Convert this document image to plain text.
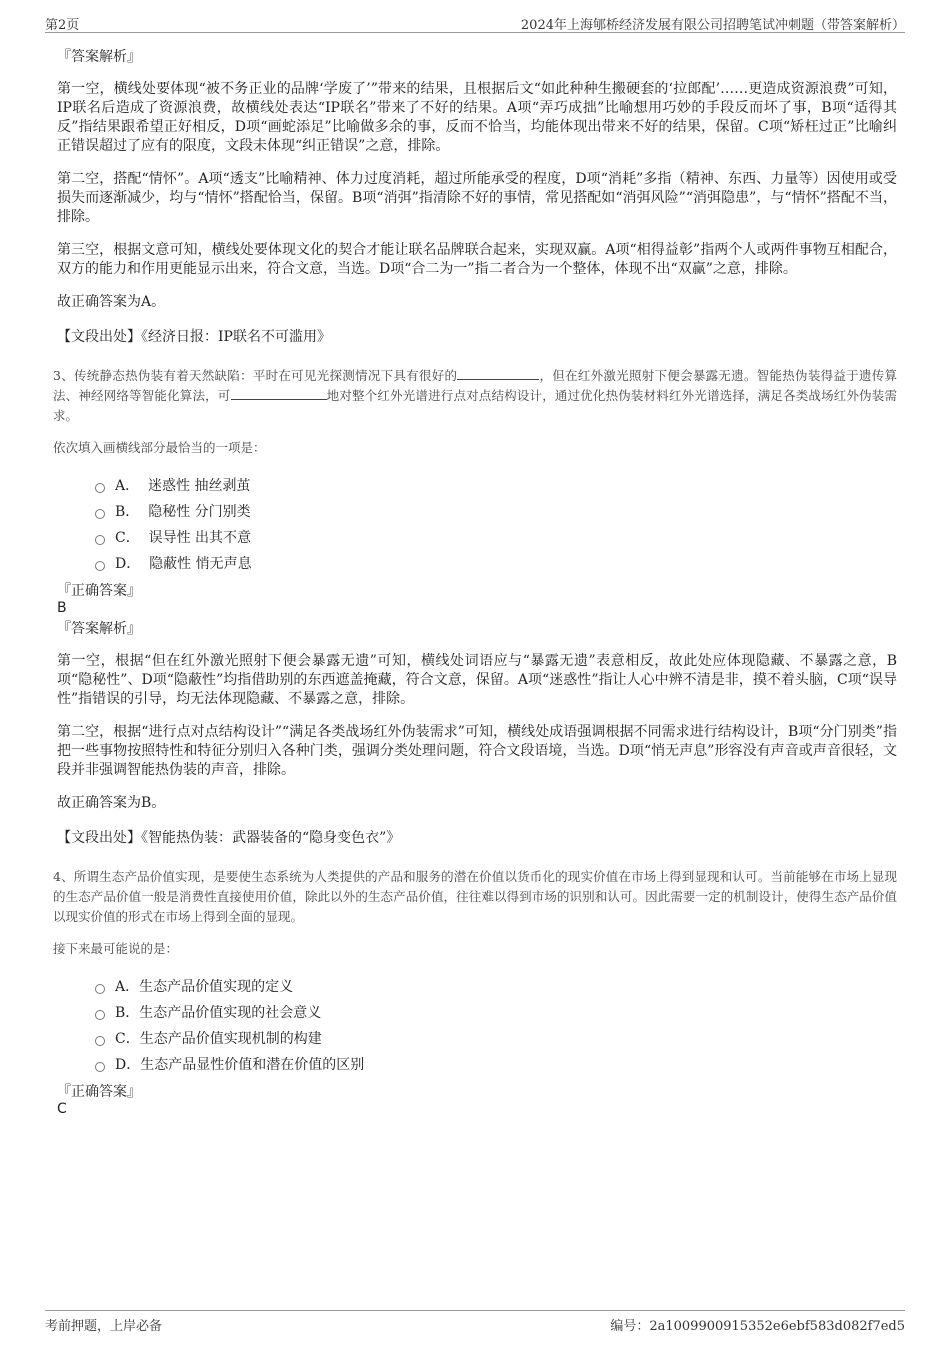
第2页	2024年上海郇桥经济发展有限公司招聘笔试冲刺题（带答案解析）
『答案解析』

第一空，横线处要体现“被不务正业的品牌‘学废了’”带来的结果，且根据后文“如此种种生搬硬套的‘拉郎配’……更造成资源浪费”可知，IP联名后造成了资源浪费，故横线处表达“IP联名”带来了不好的结果。A项“弄巧成拙”比喻想用巧妙的手段反而坏了事，B项“适得其反”指结果跟希望正好相反，D项“画蛇添足”比喻做多余的事，反而不恰当，均能体现出带来不好的结果，保留。C项“矫枉过正”比喻纠正错误超过了应有的限度，文段未体现“纠正错误”之意，排除。

第二空，搭配“情怀”。A项“透支”比喻精神、体力过度消耗，超过所能承受的程度，D项“消耗”多指（精神、东西、力量等）因使用或受损失而逐渐减少，均与“情怀”搭配恰当，保留。B项“消弭”指清除不好的事情，常见搭配如“消弭风险”“消弭隐患”，与“情怀”搭配不当，排除。

第三空，根据文意可知，横线处要体现文化的契合才能让联名品牌联合起来，实现双赢。A项“相得益彰”指两个人或两件事物互相配合，双方的能力和作用更能显示出来，符合文意，当选。D项“合二为一”指二者合为一个整体，体现不出“双赢”之意，排除。

故正确答案为A。

【文段出处】《经济日报：IP联名不可滥用》
3、传统静态热伪装有着天然缺陷：平时在可见光探测情况下具有很好的	，但在红外激光照射下便会暴露无遗。智能热伪装得益于遗传算法、神经网络等智能化算法，可	地对整个红外光谱进行点对点结构设计，通过优化热伪装材料红外光谱选择，满足各类战场红外伪装需求。
依次填入画横线部分最恰当的一项是：
A．  迷惑性 抽丝剥茧
B．  隐秘性 分门别类
C．  误导性 出其不意
D．  隐蔽性 悄无声息
『正确答案』
B
『答案解析』

第一空，根据“但在红外激光照射下便会暴露无遗”可知，横线处词语应与“暴露无遗”表意相反，故此处应体现隐藏、不暴露之意，B项“隐秘性”、D项“隐蔽性”均指借助别的东西遮盖掩藏，符合文意，保留。A项“迷惑性”指让人心中辨不清是非，摸不着头脑，C项“误导性”指错误的引导，均无法体现隐藏、不暴露之意，排除。

第二空，根据“进行点对点结构设计”“满足各类战场红外伪装需求”可知，横线处成语强调根据不同需求进行结构设计，B项“分门别类”指把一些事物按照特性和特征分别归入各种门类，强调分类处理问题，符合文段语境，当选。D项“悄无声息”形容没有声音或声音很轻，文段并非强调智能热伪装的声音，排除。

故正确答案为B。

【文段出处】《智能热伪装：武器装备的“隐身变色衣”》
4、所谓生态产品价值实现，是要使生态系统为人类提供的产品和服务的潜在价值以货币化的现实价值在市场上得到显现和认可。当前能够在市场上显现的生态产品价值一般是消费性直接使用价值，除此以外的生态产品价值，往往难以得到市场的识别和认可。因此需要一定的机制设计，使得生态产品价值以现实价值的形式在市场上得到全面的显现。
接下来最可能说的是：
A．生态产品价值实现的定义
B．生态产品价值实现的社会意义
C．生态产品价值实现机制的构建
D．生态产品显性价值和潜在价值的区别
『正确答案』
C
考前押题，上岸必备	编号：2a1009900915352e6ebf583d082f7ed5
